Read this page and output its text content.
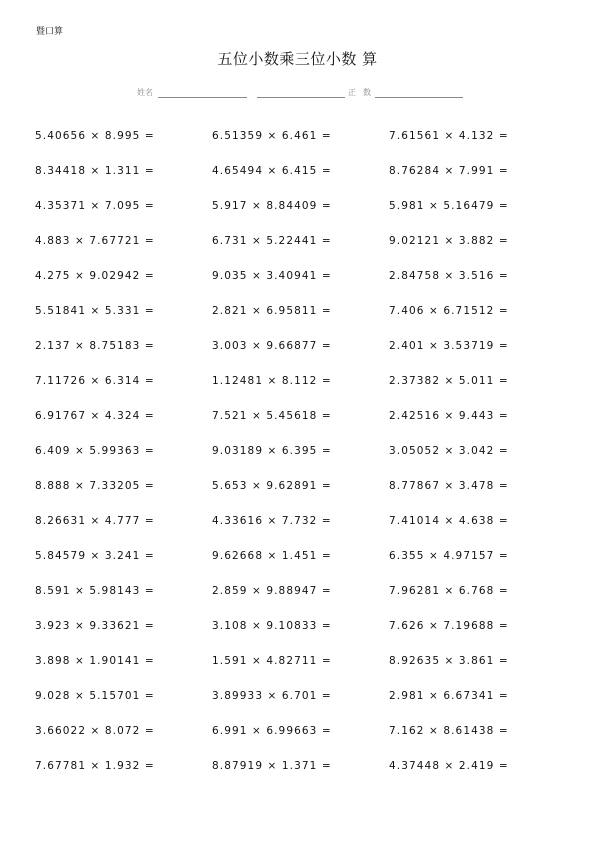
暨口算
五位小数乘三位小数 算
姓名	正 数
5.40656 × 8.995 =	6.51359 × 6.461 =	7.61561 × 4.132 =
8.34418 × 1.311 =	4.65494 × 6.415 =	8.76284 × 7.991 =
4.35371 × 7.095 =	5.917 × 8.84409 =	5.981 × 5.16479 =
4.883 × 7.67721 =	6.731 × 5.22441 =	9.02121 × 3.882 =
4.275 × 9.02942 =	9.035 × 3.40941 =	2.84758 × 3.516 =
5.51841 × 5.331 =	2.821 × 6.95811 =	7.406 × 6.71512 =
2.137 × 8.75183 =	3.003 × 9.66877 =	2.401 × 3.53719 =
7.11726 × 6.314 =	1.12481 × 8.112 =	2.37382 × 5.011 =
6.91767 × 4.324 =	7.521 × 5.45618 =	2.42516 × 9.443 =
6.409 × 5.99363 =	9.03189 × 6.395 =	3.05052 × 3.042 =
8.888 × 7.33205 =	5.653 × 9.62891 =	8.77867 × 3.478 =
8.26631 × 4.777 =	4.33616 × 7.732 =	7.41014 × 4.638 =
5.84579 × 3.241 =	9.62668 × 1.451 =	6.355 × 4.97157 =
8.591 × 5.98143 =	2.859 × 9.88947 =	7.96281 × 6.768 =
3.923 × 9.33621 =	3.108 × 9.10833 =	7.626 × 7.19688 =
3.898 × 1.90141 =	1.591 × 4.82711 =	8.92635 × 3.861 =
9.028 × 5.15701 =	3.89933 × 6.701 =	2.981 × 6.67341 =
3.66022 × 8.072 =	6.991 × 6.99663 =	7.162 × 8.61438 =
7.67781 × 1.932 =	8.87919 × 1.371 =	4.37448 × 2.419 =
